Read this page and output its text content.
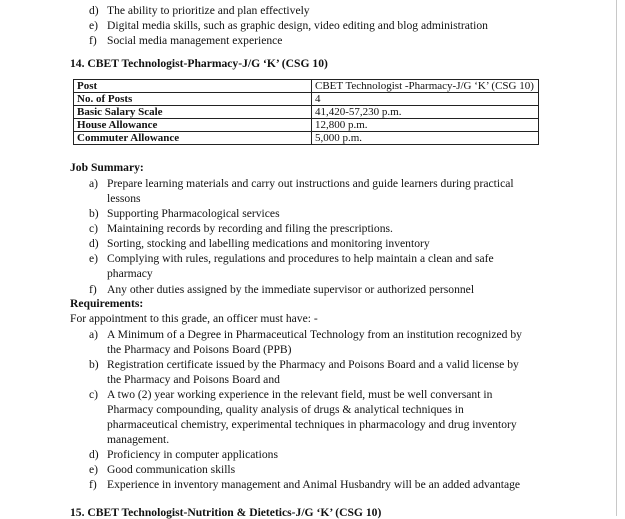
d) The ability to prioritize and plan effectively
e) Digital media skills, such as graphic design, video editing and blog administration
f) Social media management experience
14. CBET Technologist-Pharmacy-J/G ‘K’ (CSG 10)
Post	CBET Technologist -Pharmacy-J/G ‘K’ (CSG 10)
No. of Posts	4
Basic Salary Scale	41,420-57,230 p.m.
House Allowance	12,800 p.m.
Commuter Allowance	5,000 p.m.
Job Summary:
a) Prepare learning materials and carry out instructions and guide learners during practical
lessons
b) Supporting Pharmacological services
c) Maintaining records by recording and filing the prescriptions.
d) Sorting, stocking and labelling medications and monitoring inventory
e) Complying with rules, regulations and procedures to help maintain a clean and safe
pharmacy
f) Any other duties assigned by the immediate supervisor or authorized personnel
Requirements:
For appointment to this grade, an officer must have: -
a) A Minimum of a Degree in Pharmaceutical Technology from an institution recognized by
the Pharmacy and Poisons Board (PPB)
b) Registration certificate issued by the Pharmacy and Poisons Board and a valid license by
the Pharmacy and Poisons Board and
c) A two (2) year working experience in the relevant field, must be well conversant in
Pharmacy compounding, quality analysis of drugs & analytical techniques in
pharmaceutical chemistry, experimental techniques in pharmacology and drug inventory
management.
d) Proficiency in computer applications
e) Good communication skills
f) Experience in inventory management and Animal Husbandry will be an added advantage
15. CBET Technologist-Nutrition & Dietetics-J/G ‘K’ (CSG 10)
